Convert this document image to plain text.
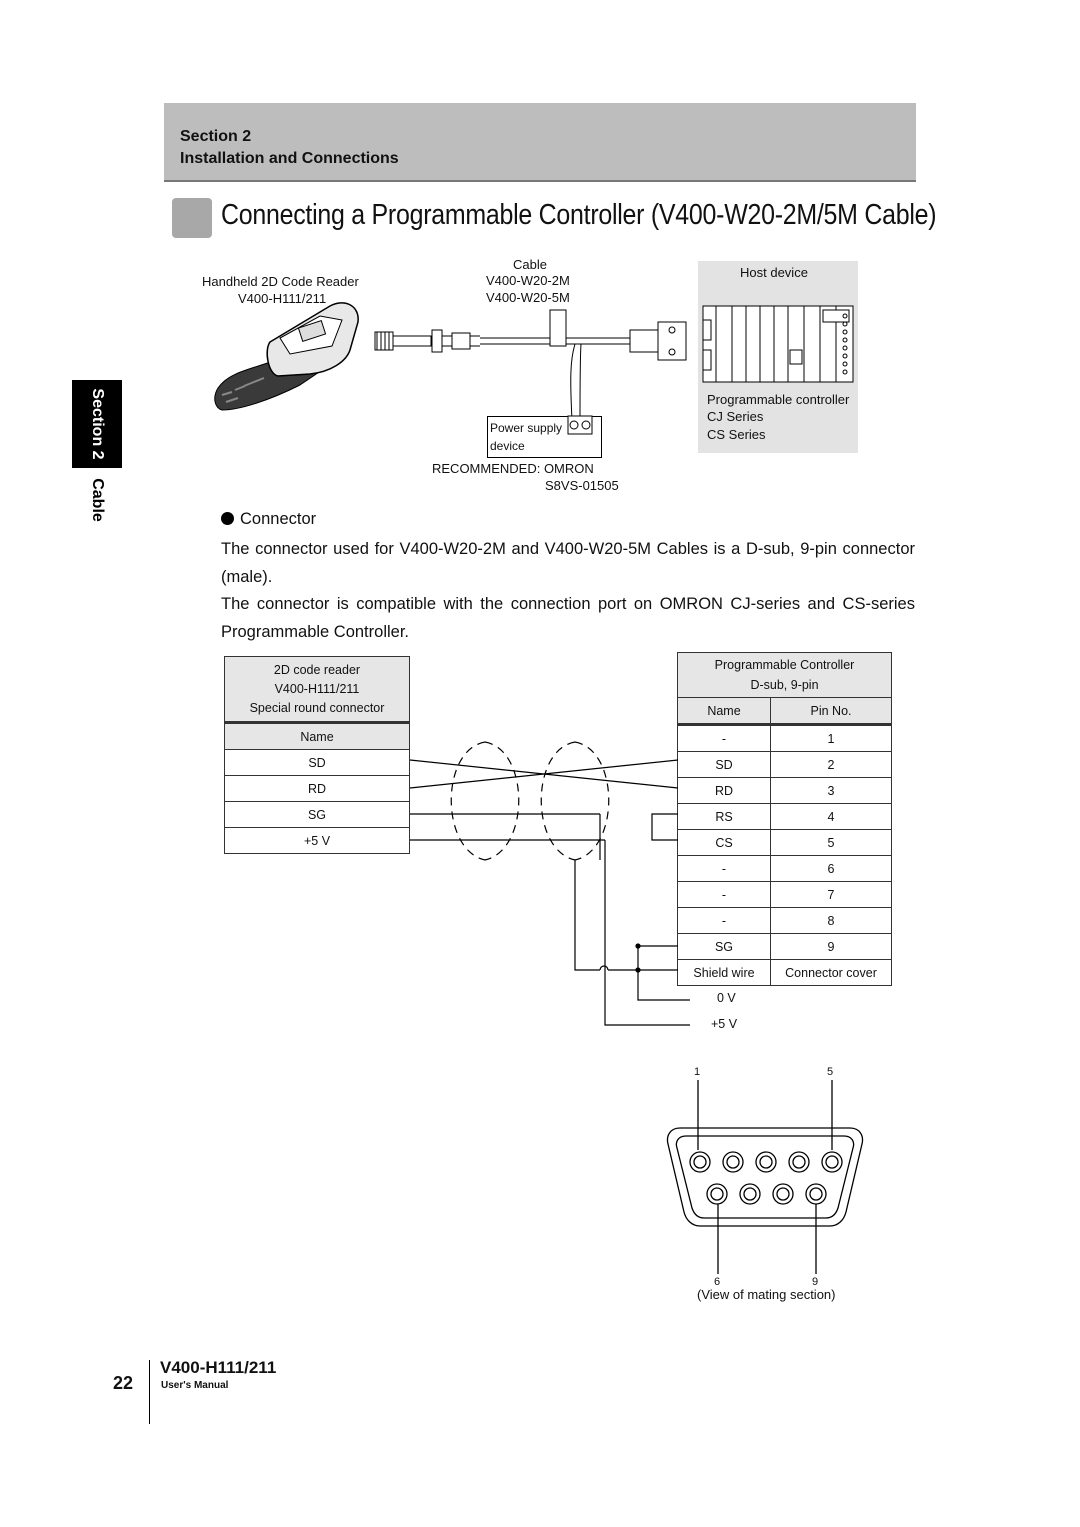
Section 2
Installation and Connections
Connecting a Programmable Controller (V400-W20-2M/5M Cable)
Section 2
Cable
Handheld 2D Code Reader
V400-H111/211
Cable
V400-W20-2M
V400-W20-5M
Host device
Programmable controller
CJ Series
CS Series
Power supply
device
RECOMMENDED: OMRON
S8VS-01505
Connector
The connector used for V400-W20-2M and V400-W20-5M Cables is a D-sub, 9-pin connector (male).
The connector is compatible with the connection port on OMRON CJ-series and CS-series Programmable Controller.
2D code reader
V400-H111/211
Special round connector

Name
SD
RD
SG
+5 V
Programmable Controller
D-sub, 9-pin	

Name	Pin No.
-	1
SD	2
RD	3
RS	4
CS	5
-	6
-	7
-	8
SG	9
Shield wire	Connector cover
0 V
+5 V
1	5
6	9
(View of mating section)
22
V400-H111/211
User's Manual
